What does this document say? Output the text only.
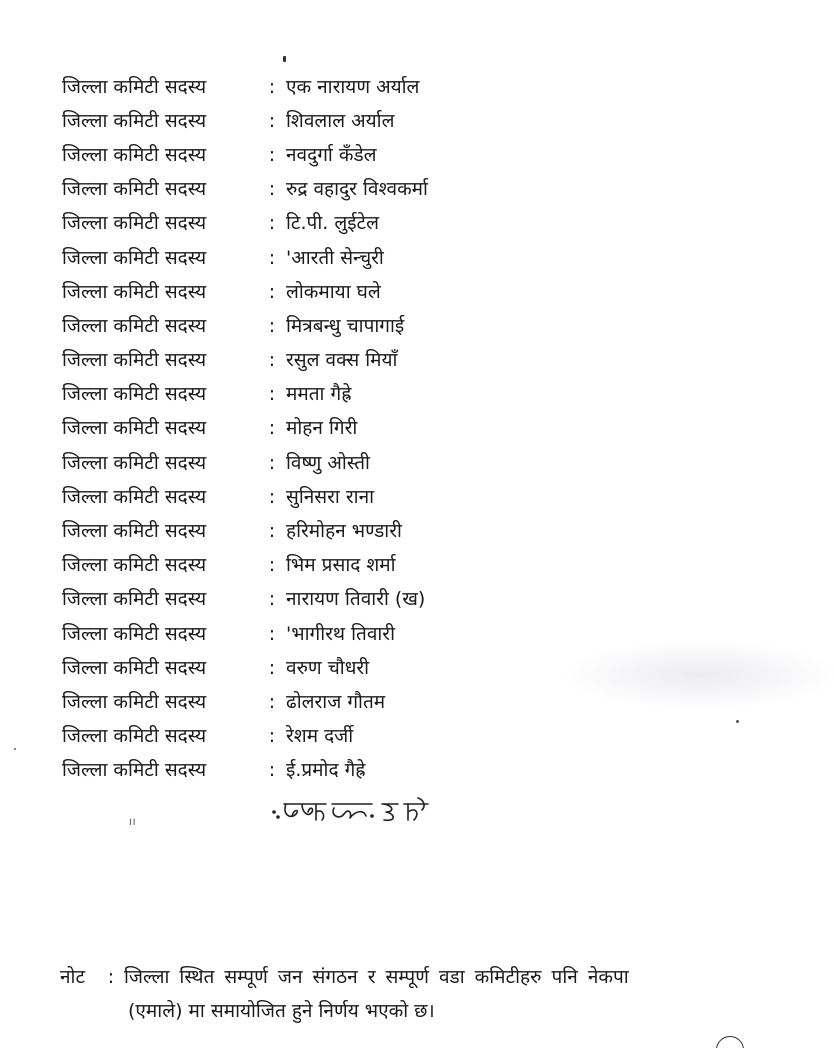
जिल्ला कमिटी सदस्य	: एक नारायण अर्याल
जिल्ला कमिटी सदस्य	: शिवलाल अर्याल
जिल्ला कमिटी सदस्य	: नवदुर्गा कँडेल
जिल्ला कमिटी सदस्य	: रुद्र वहादुर विश्वकर्मा
जिल्ला कमिटी सदस्य	: टि.पी. लुईटेल
जिल्ला कमिटी सदस्य	: 'आरती सेन्चुरी
जिल्ला कमिटी सदस्य	: लोकमाया घले
जिल्ला कमिटी सदस्य	: मित्रबन्धु चापागाई
जिल्ला कमिटी सदस्य	: रसुल वक्स मियाँ
जिल्ला कमिटी सदस्य	: ममता गैह्रे
जिल्ला कमिटी सदस्य	: मोहन गिरी
जिल्ला कमिटी सदस्य	: विष्णु ओस्ती
जिल्ला कमिटी सदस्य	: सुनिसरा राना
जिल्ला कमिटी सदस्य	: हरिमोहन भण्डारी
जिल्ला कमिटी सदस्य	: भिम प्रसाद शर्मा
जिल्ला कमिटी सदस्य	: नारायण तिवारी (ख)
जिल्ला कमिटी सदस्य	: 'भागीरथ तिवारी
जिल्ला कमिटी सदस्य	: वरुण चौधरी
जिल्ला कमिटी सदस्य	: ढोलराज गौतम
जिल्ला कमिटी सदस्य	: रेशम दर्जी
जिल्ला कमिटी सदस्य	: ई.प्रमोद गैह्रे
।।
नोट : जिल्ला स्थित सम्पूर्ण जन संगठन र सम्पूर्ण वडा कमिटीहरु पनि नेकपा
(एमाले) मा समायोजित हुने निर्णय भएको छ।
